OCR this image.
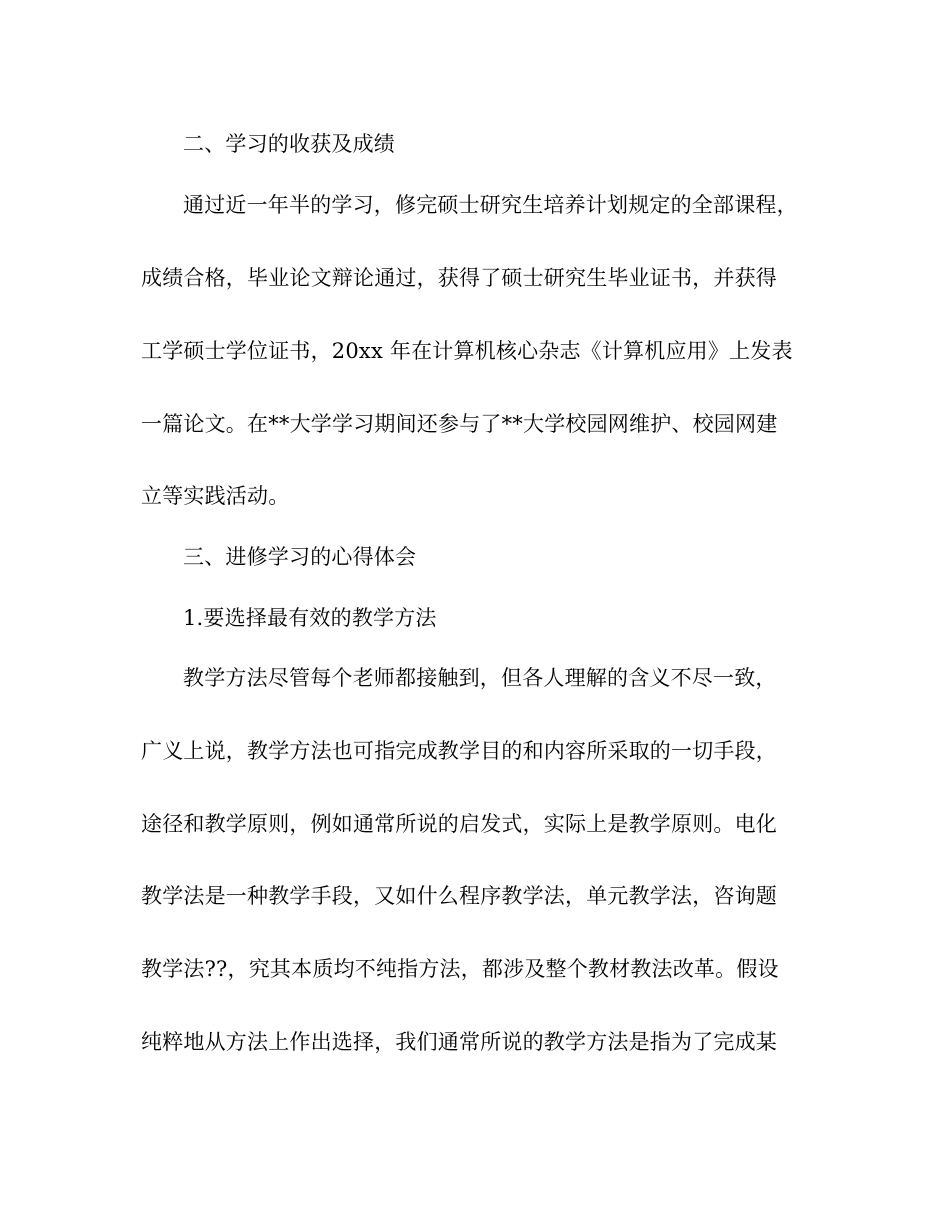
二、学习的收获及成绩
通过近一年半的学习，修完硕士研究生培养计划规定的全部课程，
成绩合格，毕业论文辩论通过，获得了硕士研究生毕业证书，并获得
工学硕士学位证书，20xx 年在计算机核心杂志《计算机应用》上发表
一篇论文。在**大学学习期间还参与了**大学校园网维护、校园网建
立等实践活动。
三、进修学习的心得体会
1.要选择最有效的教学方法
教学方法尽管每个老师都接触到，但各人理解的含义不尽一致，
广义上说，教学方法也可指完成教学目的和内容所采取的一切手段，
途径和教学原则，例如通常所说的启发式，实际上是教学原则。电化
教学法是一种教学手段，又如什么程序教学法，单元教学法，咨询题
教学法??，究其本质均不纯指方法，都涉及整个教材教法改革。假设
纯粹地从方法上作出选择，我们通常所说的教学方法是指为了完成某
